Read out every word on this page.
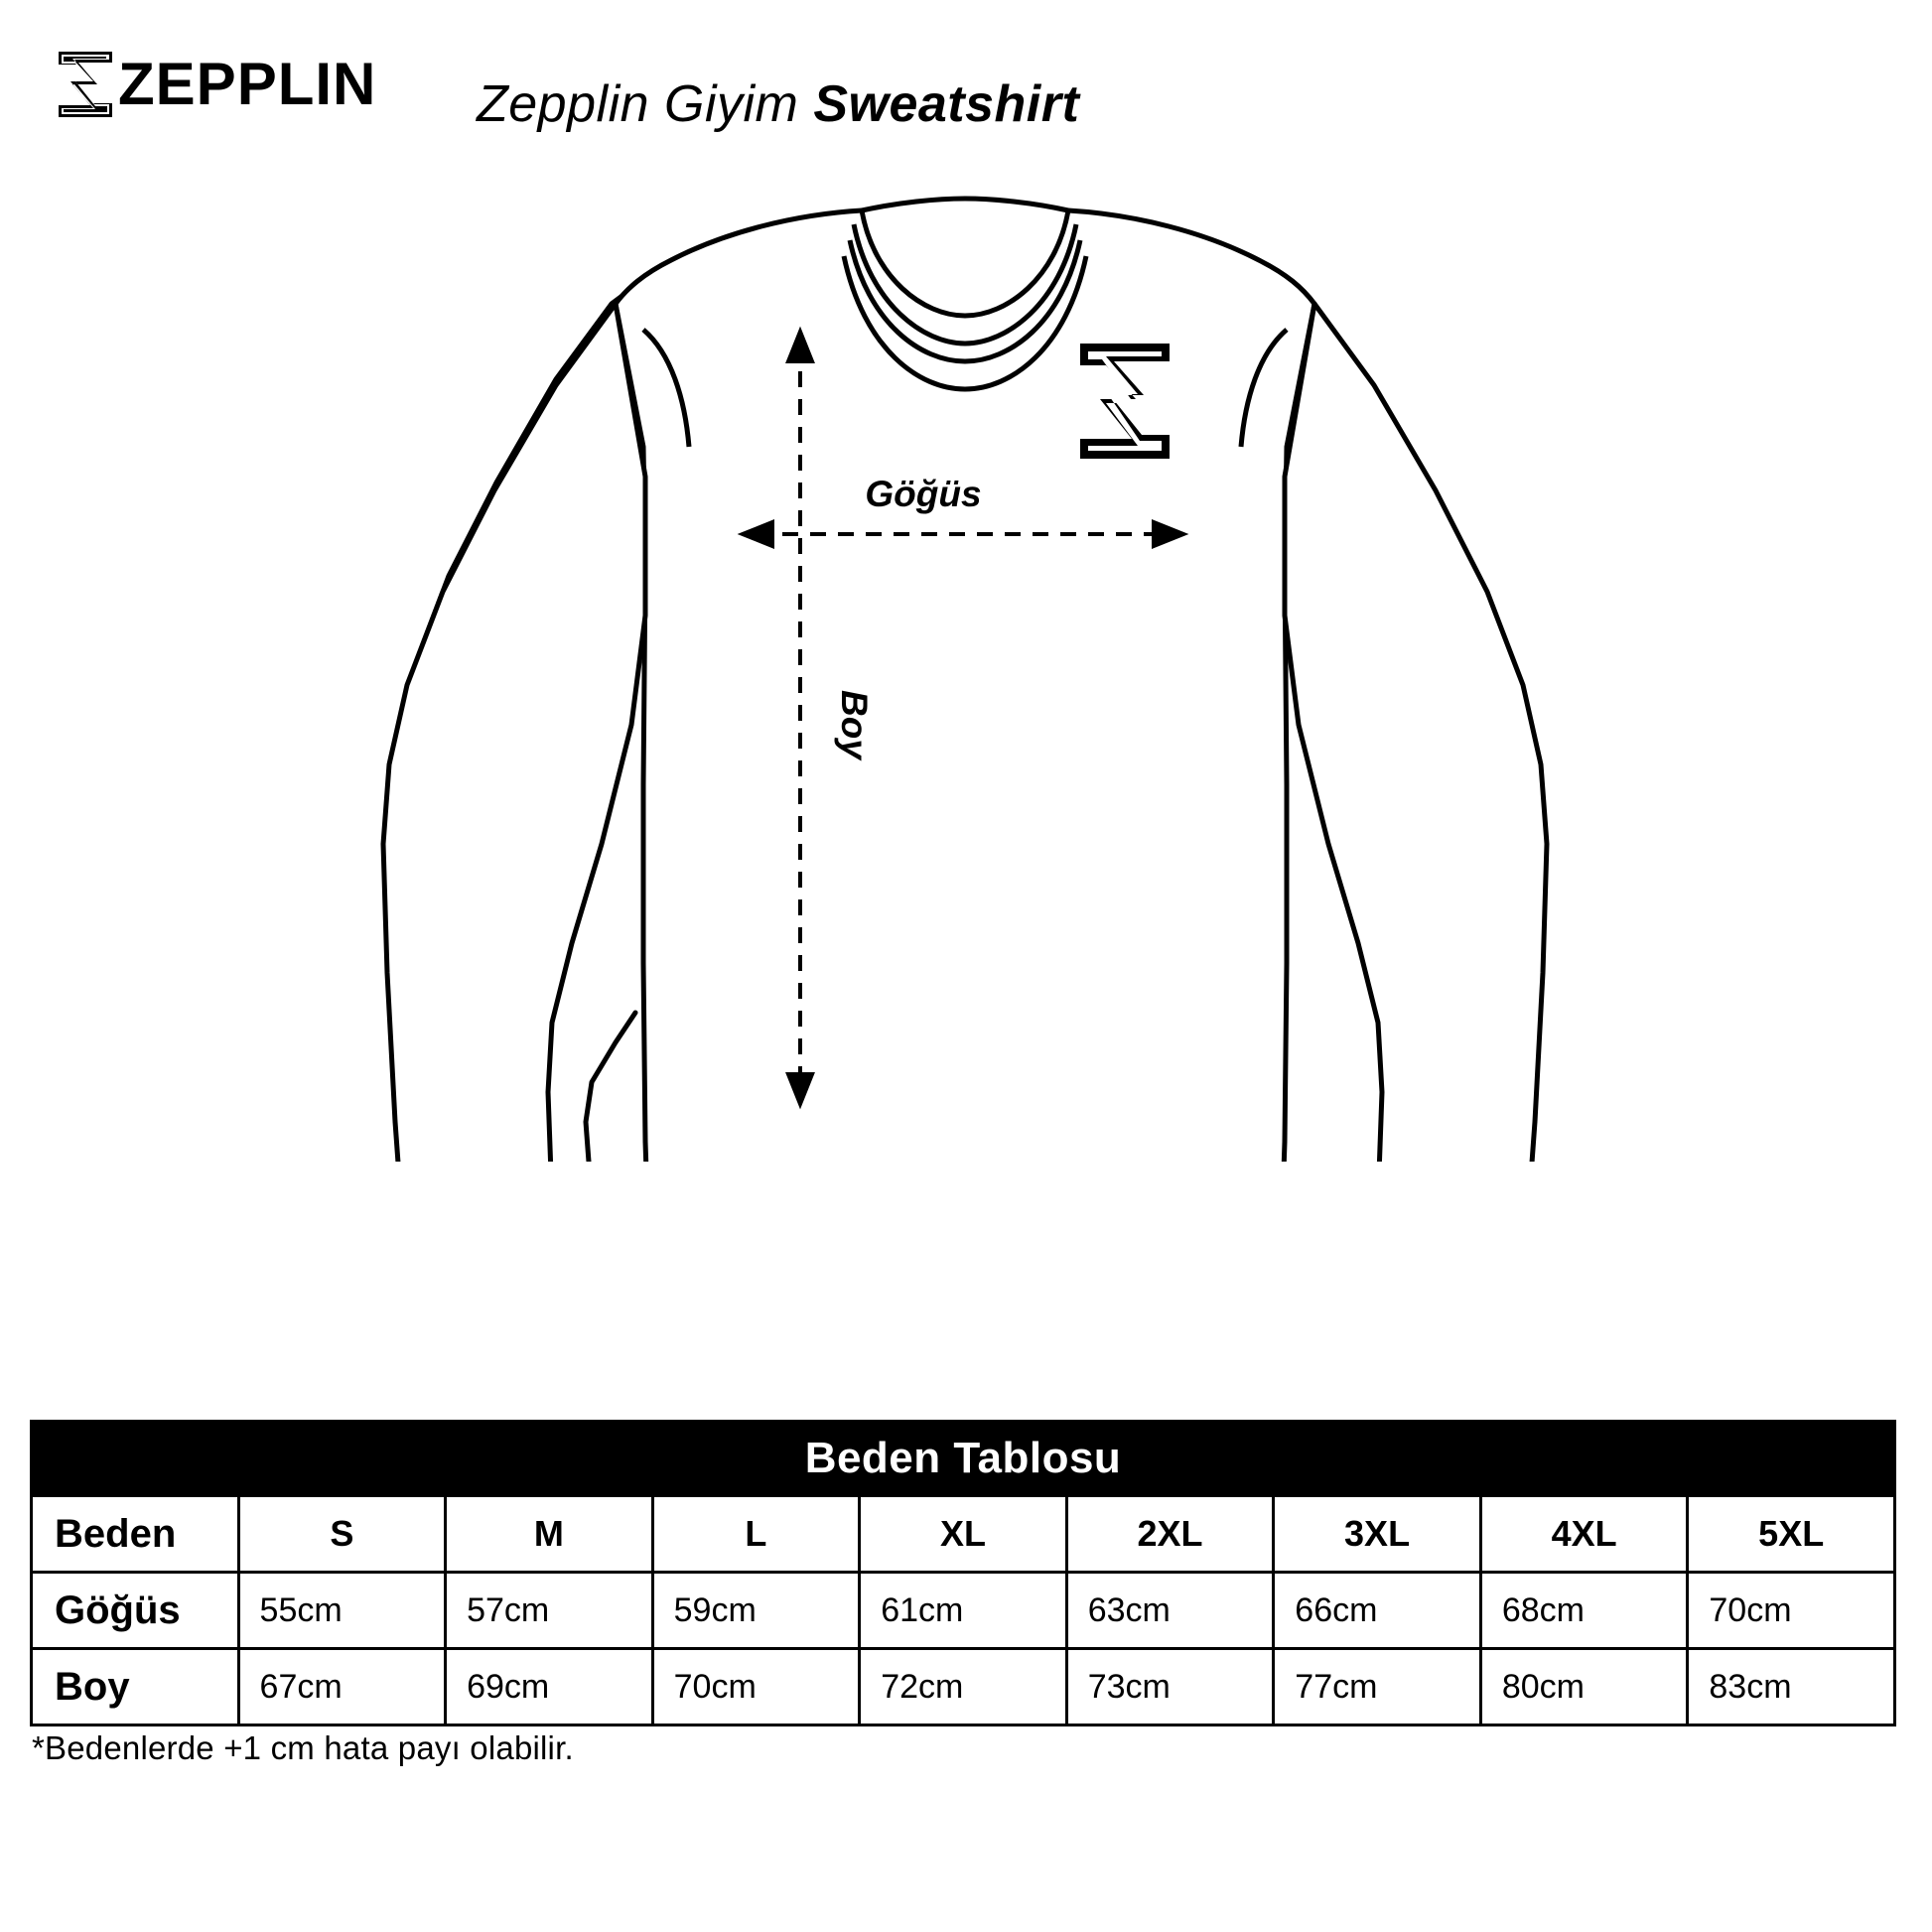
ZEPPLIN Zepplin Giyim Sweatshirt
Göğüs
Boy
Beden Tablosu								
Beden	S	M	L	XL	2XL	3XL	4XL	5XL
Göğüs	55cm	57cm	59cm	61cm	63cm	66cm	68cm	70cm
Boy	67cm	69cm	70cm	72cm	73cm	77cm	80cm	83cm
*Bedenlerde +1 cm hata payı olabilir.
